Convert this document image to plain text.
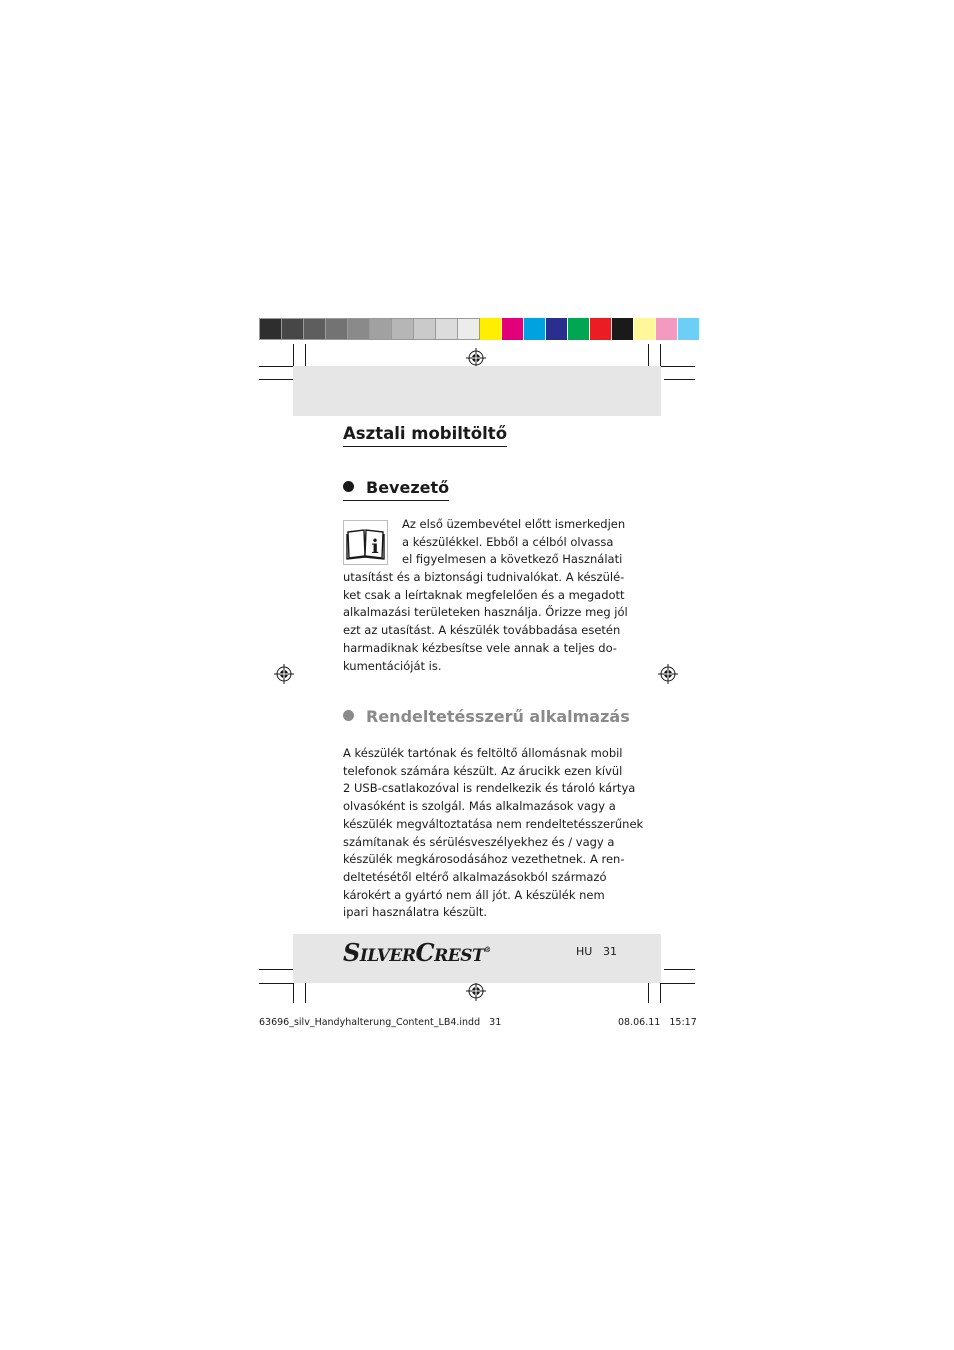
Asztali mobiltöltő
Bevezető
i
Az első üzembevétel előtt ismerkedjen
a készülékkel. Ebből a célból olvassa
el figyelmesen a következő Használati
utasítást és a biztonsági tudnivalókat. A készülé-
ket csak a leírtaknak megfelelően és a megadott
alkalmazási területeken használja. Őrizze meg jól
ezt az utasítást. A készülék továbbadása esetén
harmadiknak kézbesítse vele annak a teljes do-
kumentációját is.
Rendeltetésszerű alkalmazás
A készülék tartónak és feltöltő állomásnak mobil
telefonok számára készült. Az árucikk ezen kívül
2 USB-csatlakozóval is rendelkezik és tároló kártya
olvasóként is szolgál. Más alkalmazások vagy a
készülék megváltoztatása nem rendeltetésszerűnek
számítanak és sérülésveszélyekhez és / vagy a
készülék megkárosodásához vezethetnek. A ren-
deltetésétől eltérő alkalmazásokból származó
károkért a gyártó nem áll jót. A készülék nem
ipari használatra készült.
SILVERCREST®	HU 31
63696_silv_Handyhalterung_Content_LB4.indd   31	08.06.11   15:17
